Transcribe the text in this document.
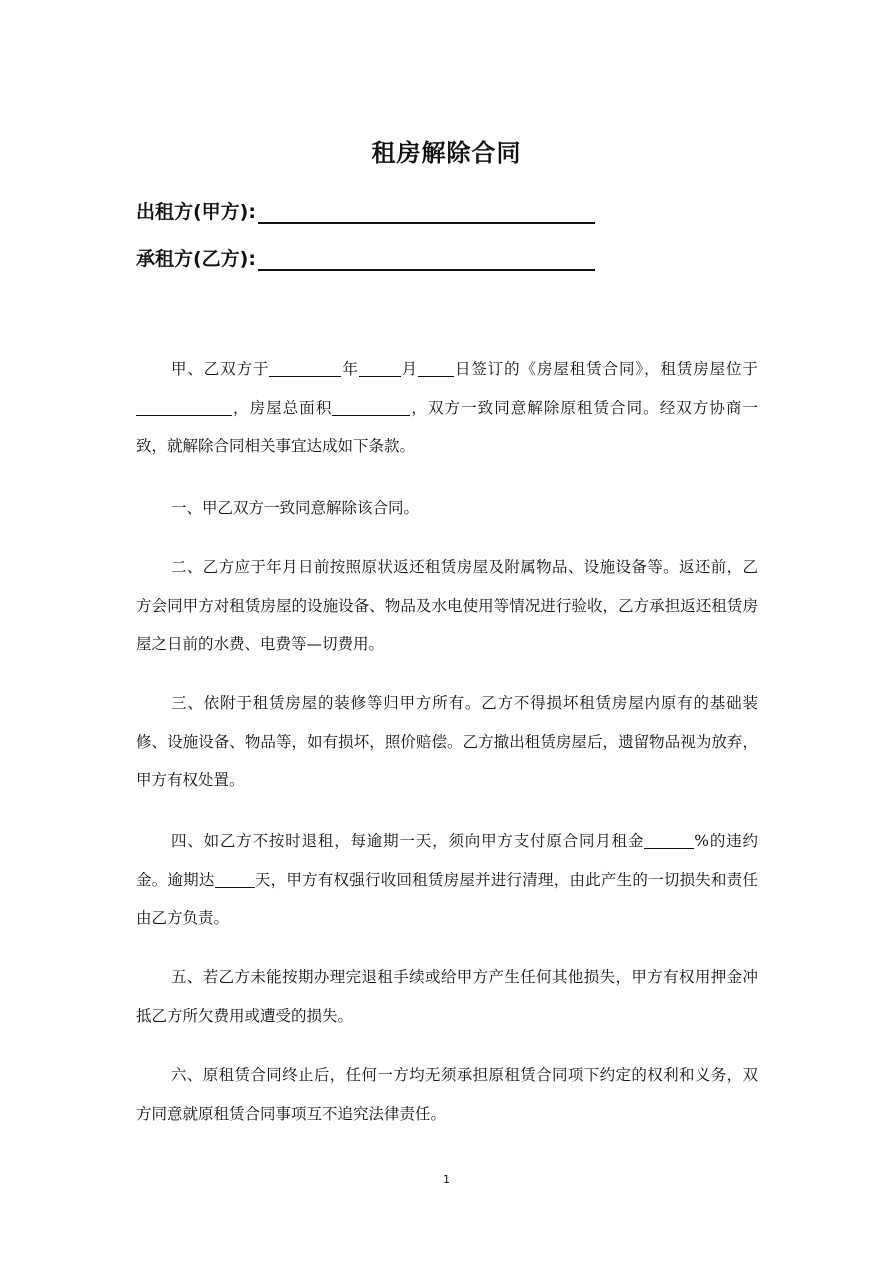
租房解除合同
出租方(甲方):
承租方(乙方):

甲、乙双方于	年	月 日签订的《房屋租赁合同》，租赁房屋位于，房屋总面积	，双方一致同意解除原租赁合同。经双方协商一致，就解除合同相关事宜达成如下条款。

一、甲乙双方一致同意解除该合同。

二、乙方应于年月日前按照原状返还租赁房屋及附属物品、设施设备等。返还前，乙方会同甲方对租赁房屋的设施设备、物品及水电使用等情况进行验收，乙方承担返还租赁房屋之日前的水费、电费等—切费用。

三、依附于租赁房屋的装修等归甲方所有。乙方不得损坏租赁房屋内原有的基础装修、设施设备、物品等，如有损坏，照价赔偿。乙方撤出租赁房屋后，遗留物品视为放弃，甲方有权处置。

四、如乙方不按时退租，每逾期一天，须向甲方支付原合同月租金	%的违约金。逾期达	天，甲方有权强行收回租赁房屋并进行清理，由此产生的一切损失和责任由乙方负责。

五、若乙方未能按期办理完退租手续或给甲方产生任何其他损失，甲方有权用押金冲抵乙方所欠费用或遭受的损失。

六、原租赁合同终止后，任何一方均无须承担原租赁合同项下约定的权利和义务，双方同意就原租赁合同事项互不追究法律责任。

1
